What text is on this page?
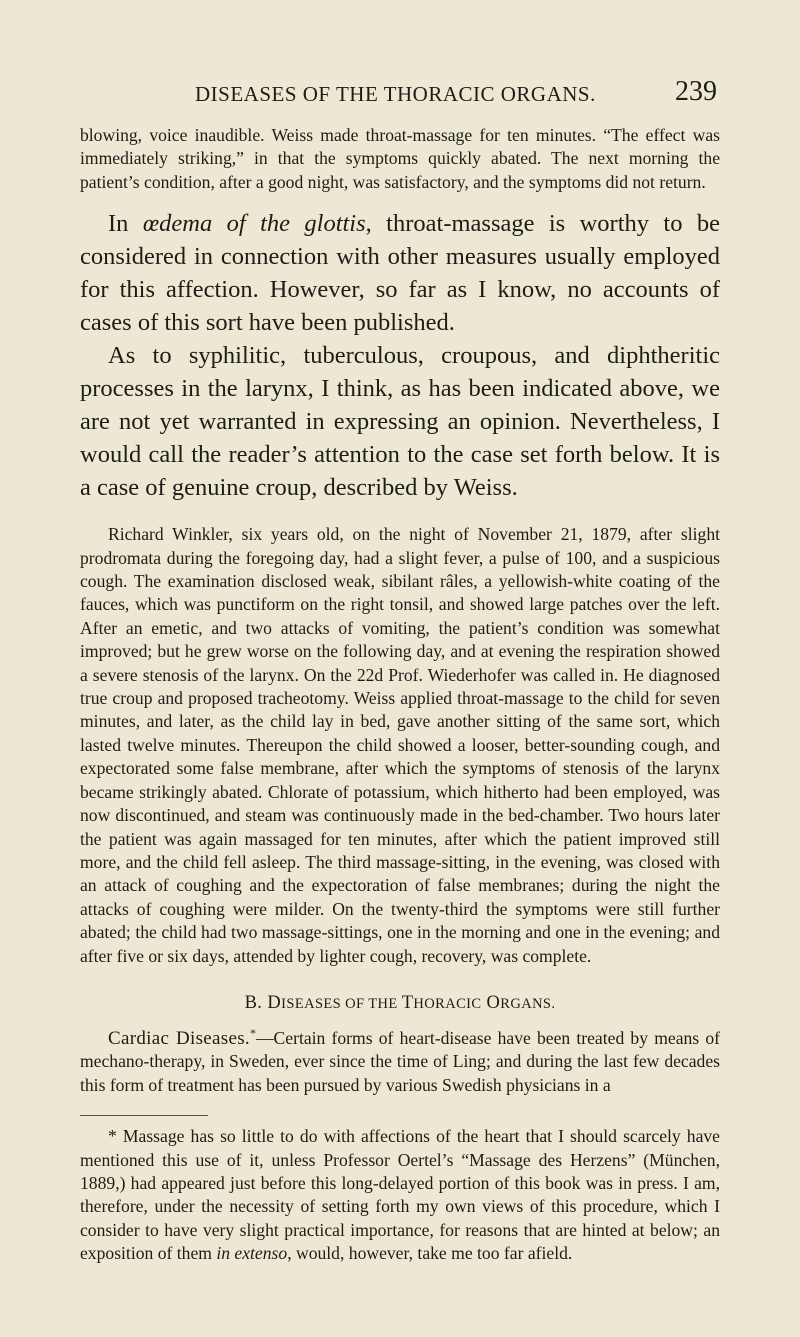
DISEASES OF THE THORACIC ORGANS.	239

blowing, voice inaudible. Weiss made throat-massage for ten minutes. “The effect was immediately striking,” in that the symptoms quickly abated. The next morning the patient’s condition, after a good night, was satisfactory, and the symptoms did not return.

In œdema of the glottis, throat-massage is worthy to be considered in connection with other measures usually employed for this affection. However, so far as I know, no accounts of cases of this sort have been published.

As to syphilitic, tuberculous, croupous, and diphtheritic processes in the larynx, I think, as has been indicated above, we are not yet warranted in expressing an opinion. Nevertheless, I would call the reader’s attention to the case set forth below. It is a case of genuine croup, described by Weiss.

Richard Winkler, six years old, on the night of November 21, 1879, after slight prodromata during the foregoing day, had a slight fever, a pulse of 100, and a suspicious cough. The examination disclosed weak, sibilant râles, a yellowish-white coating of the fauces, which was punctiform on the right tonsil, and showed large patches over the left. After an emetic, and two attacks of vomiting, the patient’s condition was somewhat improved; but he grew worse on the following day, and at evening the respiration showed a severe stenosis of the larynx. On the 22d Prof. Wiederhofer was called in. He diagnosed true croup and proposed tracheotomy. Weiss applied throat-massage to the child for seven minutes, and later, as the child lay in bed, gave another sitting of the same sort, which lasted twelve minutes. Thereupon the child showed a looser, better-sounding cough, and expectorated some false membrane, after which the symptoms of stenosis of the larynx became strikingly abated. Chlorate of potassium, which hitherto had been employed, was now discontinued, and steam was continuously made in the bed-chamber. Two hours later the patient was again massaged for ten minutes, after which the patient improved still more, and the child fell asleep. The third massage-sitting, in the evening, was closed with an attack of coughing and the expectoration of false membranes; during the night the attacks of coughing were milder. On the twenty-third the symptoms were still further abated; the child had two massage-sittings, one in the morning and one in the evening; and after five or six days, attended by lighter cough, recovery, was complete.

B. DISEASES OF THE THORACIC ORGANS.

Cardiac Diseases.*—Certain forms of heart-disease have been treated by means of mechano-therapy, in Sweden, ever since the time of Ling; and during the last few decades this form of treatment has been pursued by various Swedish physicians in a

* Massage has so little to do with affections of the heart that I should scarcely have mentioned this use of it, unless Professor Oertel’s “Massage des Herzens” (München, 1889,) had appeared just before this long-delayed portion of this book was in press. I am, therefore, under the necessity of setting forth my own views of this procedure, which I consider to have very slight practical importance, for reasons that are hinted at below; an exposition of them in extenso, would, however, take me too far afield.
